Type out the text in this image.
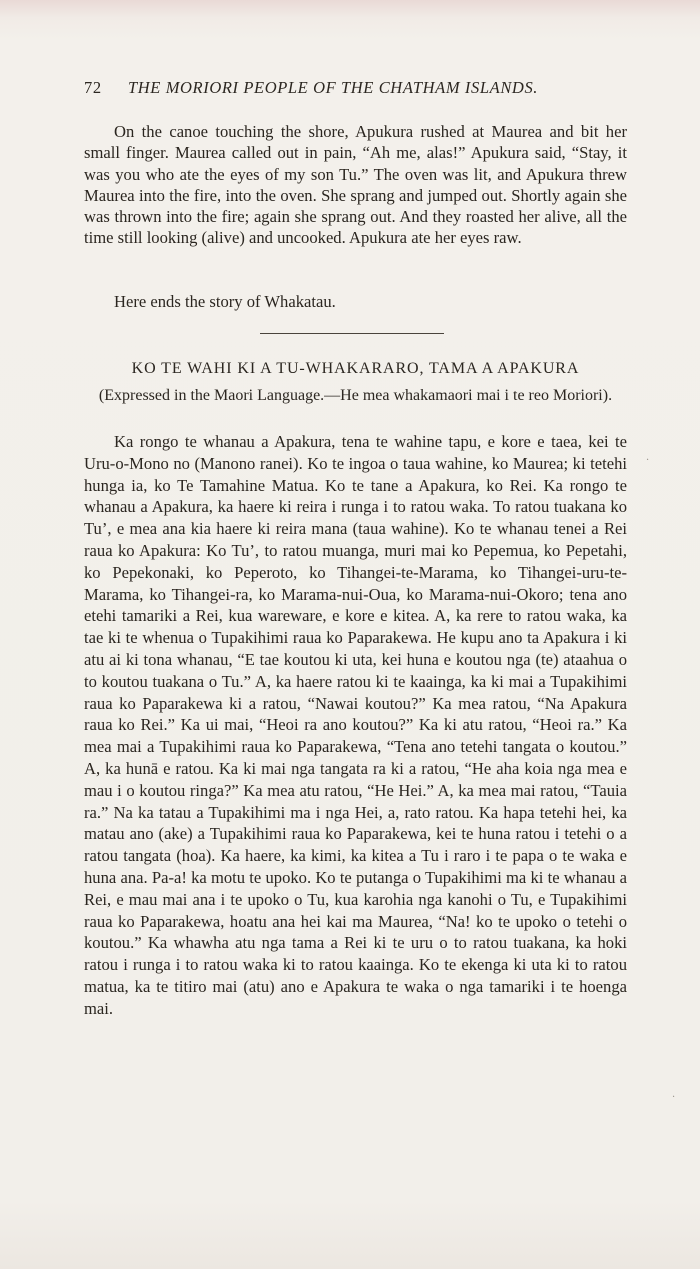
72 THE MORIORI PEOPLE OF THE CHATHAM ISLANDS.

On the canoe touching the shore, Apukura rushed at Maurea and bit her small finger. Maurea called out in pain, “Ah me, alas!” Apukura said, “Stay, it was you who ate the eyes of my son Tu.” The oven was lit, and Apukura threw Maurea into the fire, into the oven. She sprang and jumped out. Shortly again she was thrown into the fire; again she sprang out. And they roasted her alive, all the time still looking (alive) and uncooked. Apukura ate her eyes raw.

Here ends the story of Whakatau.

KO TE WAHI KI A TU-WHAKARARO, TAMA A APAKURA
(Expressed in the Maori Language.—He mea whakamaori mai i te reo Moriori).

Ka rongo te whanau a Apakura, tena te wahine tapu, e kore e taea, kei te Uru-o-Mono no (Manono ranei). Ko te ingoa o taua wahine, ko Maurea; ki tetehi hunga ia, ko Te Tamahine Matua. Ko te tane a Apakura, ko Rei. Ka rongo te whanau a Apakura, ka haere ki reira i runga i to ratou waka. To ratou tuakana ko Tu’, e mea ana kia haere ki reira mana (taua wahine). Ko te whanau tenei a Rei raua ko Apakura: Ko Tu’, to ratou muanga, muri mai ko Pepemua, ko Pepetahi, ko Pepekonaki, ko Peperoto, ko Tihangei-te-Marama, ko Tihangei-uru-te-Marama, ko Tihangei-ra, ko Marama-nui-Oua, ko Marama-nui-Okoro; tena ano etehi tamariki a Rei, kua wareware, e kore e kitea. A, ka rere to ratou waka, ka tae ki te whenua o Tupakihimi raua ko Paparakewa. He kupu ano ta Apakura i ki atu ai ki tona whanau, “E tae koutou ki uta, kei huna e koutou nga (te) ataahua o to koutou tuakana o Tu.” A, ka haere ratou ki te kaainga, ka ki mai a Tupakihimi raua ko Paparakewa ki a ratou, “Nawai koutou?” Ka mea ratou, “Na Apakura raua ko Rei.” Ka ui mai, “Heoi ra ano koutou?” Ka ki atu ratou, “Heoi ra.” Ka mea mai a Tupakihimi raua ko Paparakewa, “Tena ano tetehi tangata o koutou.” A, ka hunā e ratou. Ka ki mai nga tangata ra ki a ratou, “He aha koia nga mea e mau i o koutou ringa?” Ka mea atu ratou, “He Hei.” A, ka mea mai ratou, “Tauia ra.” Na ka tatau a Tupakihimi ma i nga Hei, a, rato ratou. Ka hapa tetehi hei, ka matau ano (ake) a Tupakihimi raua ko Paparakewa, kei te huna ratou i tetehi o a ratou tangata (hoa). Ka haere, ka kimi, ka kitea a Tu i raro i te papa o te waka e huna ana. Pa-a! ka motu te upoko. Ko te putanga o Tupakihimi ma ki te whanau a Rei, e mau mai ana i te upoko o Tu, kua karohia nga kanohi o Tu, e Tupakihimi raua ko Paparakewa, hoatu ana hei kai ma Maurea, “Na! ko te upoko o tetehi o koutou.” Ka whawha atu nga tama a Rei ki te uru o to ratou tuakana, ka hoki ratou i runga i to ratou waka ki to ratou kaainga. Ko te ekenga ki uta ki to ratou matua, ka te titiro mai (atu) ano e Apakura te waka o nga tamariki i te hoenga mai.

·
·
